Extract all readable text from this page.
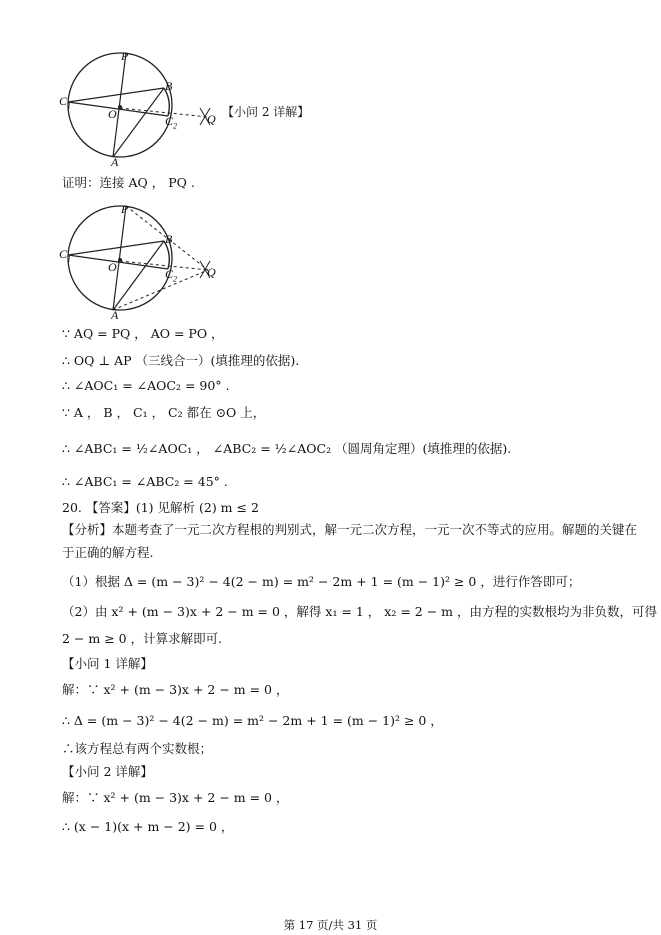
P
B
$C_1$
O	$C_2$ Q
A
【小问 2 详解】
证明：连接 AQ ， PQ .
P
B
$C_1$
O	$C_2$ Q
A
∵ AQ = PQ ， AO = PO ，
∴ OQ ⊥ AP （三线合一）(填推理的依据).
∴ ∠AOC₁ = ∠AOC₂ = 90° .
∵ A ， B ， C₁ ， C₂ 都在 ⊙O 上，
∴ ∠ABC₁ = ½∠AOC₁ ， ∠ABC₂ = ½∠AOC₂ （圆周角定理）(填推理的依据).
∴ ∠ABC₁ = ∠ABC₂ = 45° .
20. 【答案】(1) 见解析 (2) m ≤ 2
【分析】本题考查了一元二次方程根的判别式，解一元二次方程，一元一次不等式的应用。解题的关键在
于正确的解方程.
（1）根据 Δ = (m − 3)² − 4(2 − m) = m² − 2m + 1 = (m − 1)² ≥ 0 ，进行作答即可；
（2）由 x² + (m − 3)x + 2 − m = 0 ，解得 x₁ = 1 ， x₂ = 2 − m ，由方程的实数根均为非负数，可得
2 − m ≥ 0 ，计算求解即可.
【小问 1 详解】
解：∵ x² + (m − 3)x + 2 − m = 0 ，
∴ Δ = (m − 3)² − 4(2 − m) = m² − 2m + 1 = (m − 1)² ≥ 0 ，
∴该方程总有两个实数根；
【小问 2 详解】
解：∵ x² + (m − 3)x + 2 − m = 0 ，
∴ (x − 1)(x + m − 2) = 0 ，
第 17 页/共 31 页
